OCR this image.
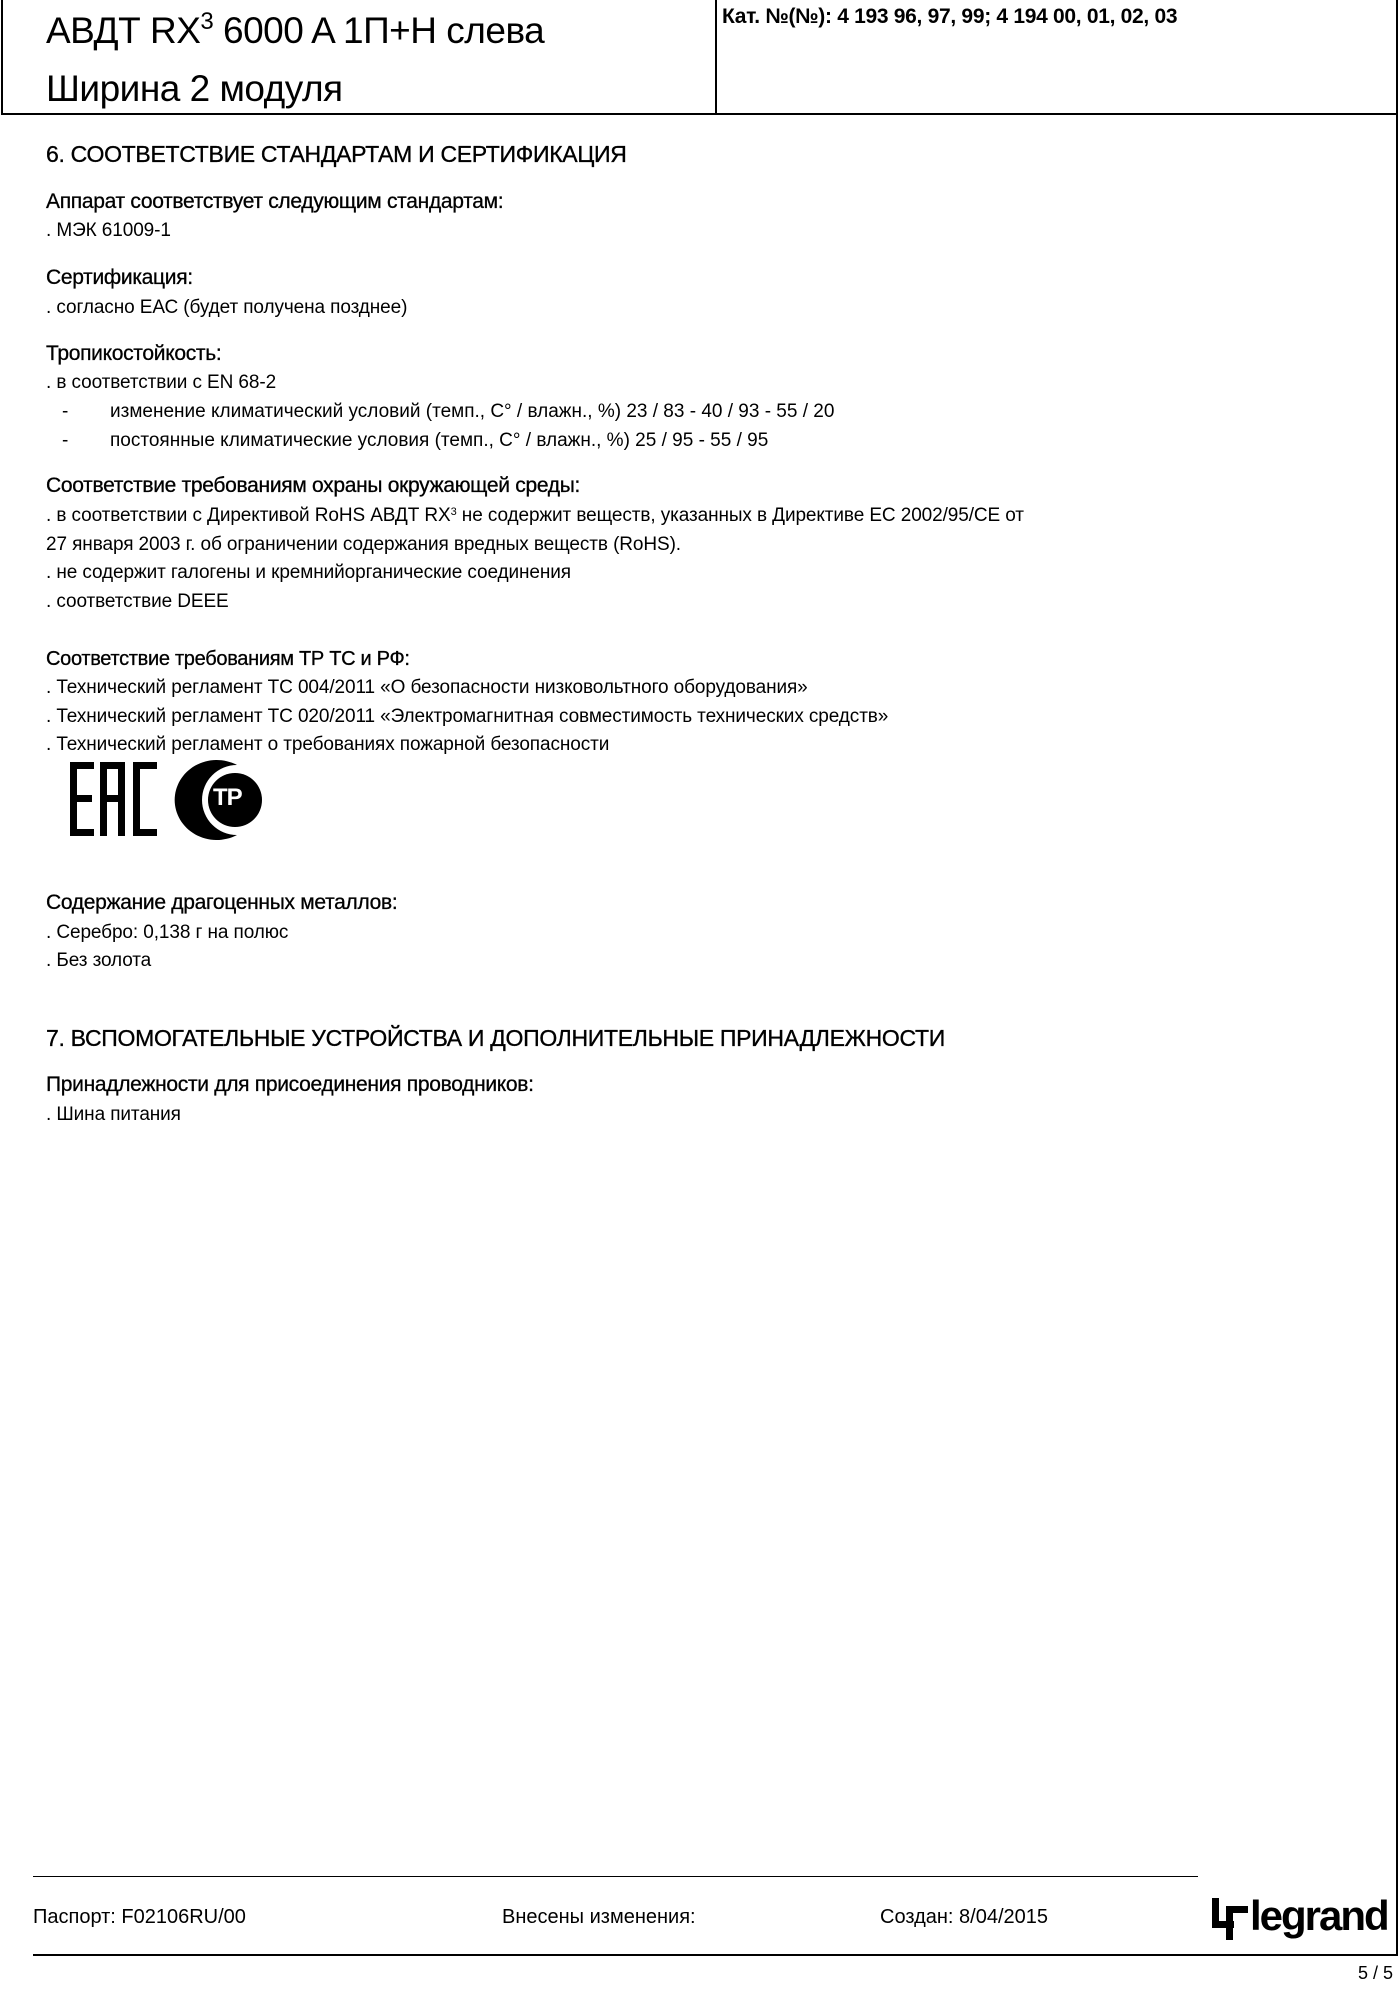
АВДТ $RX^3$ 6000 A 1П+Н слева
Ширина 2 модуля
Кат. №(№): 4 193 96, 97, 99; 4 194 00, 01, 02, 03
6. СООТВЕТСТВИЕ СТАНДАРТАМ И СЕРТИФИКАЦИЯ
Аппарат соответствует следующим стандартам:
. МЭК 61009-1
Сертификация:
. согласно ЕАС (будет получена позднее)
Тропикостойкость:
. в соответствии с EN 68-2
- изменение климатический условий (темп., C° / влажн., %) 23 / 83 - 40 / 93 - 55 / 20
- постоянные климатические условия (темп., C° / влажн., %) 25 / 95 - 55 / 95
Соответствие требованиям охраны окружающей среды:
. в соответствии с Директивой RoHS АВДТ $RX^3$ не содержит веществ, указанных в Директиве ЕС 2002/95/СЕ от
27 января 2003 г. об ограничении содержания вредных веществ (RoHS).
. не содержит галогены и кремнийорганические соединения
. соответствие DEEE
Соответствие требованиям ТР ТС и РФ:
. Технический регламент ТС 004/2011 «О безопасности низковольтного оборудования»
. Технический регламент ТС 020/2011 «Электромагнитная совместимость технических средств»
. Технический регламент о требованиях пожарной безопасности
ТР
Содержание драгоценных металлов:
. Серебро: 0,138 г на полюс
. Без золота
7. ВСПОМОГАТЕЛЬНЫЕ УСТРОЙСТВА И ДОПОЛНИТЕЛЬНЫЕ ПРИНАДЛЕЖНОСТИ
Принадлежности для присоединения проводников:
. Шина питания
Паспорт: F02106RU/00	Внесены изменения:	Создан: 8/04/2015	legrand
5 / 5
